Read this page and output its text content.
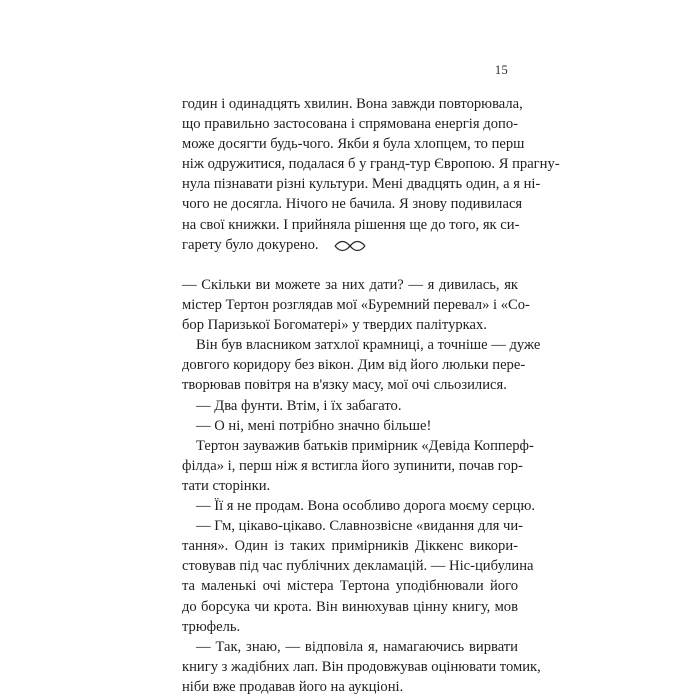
15

годин і одинадцять хвилин. Вона завжди повторювала,

що правильно застосована і спрямована енергія допо-

може досягти будь-чого. Якби я була хлопцем, то перш

ніж одружитися, подалася б у гранд-тур Європою. Я прагну-

нула пізнавати різні культури. Мені двадцять один, а я ні-

чого не досягла. Нічого не бачила. Я знову подивилася

на свої книжки. І прийняла рішення ще до того, як си-

гарету було докурено.

— Скільки ви можете за них дати? — я дивилась, як

містер Тертон розглядав мої «Буремний перевал» і «Со-

бор Паризької Богоматері» у твердих палітурках.

Він був власником затхлої крамниці, а точніше — дуже

довгого коридору без вікон. Дим від його люльки пере-

творював повітря на в'язку масу, мої очі сльозилися.

— Два фунти. Втім, і їх забагато.

— О ні, мені потрібно значно більше!

Тертон зауважив батьків примірник «Девіда Копперф-

філда» і, перш ніж я встигла його зупинити, почав гор-

тати сторінки.

— Її я не продам. Вона особливо дорога моєму серцю.

— Гм, цікаво-цікаво. Славнозвісне «видання для чи-

тання». Один із таких примірників Діккенс викори-

стовував під час публічних декламацій. — Ніс-цибулина

та маленькі очі містера Тертона уподібнювали його

до борсука чи крота. Він винюхував цінну книгу, мов

трюфель.

— Так, знаю, — відповіла я, намагаючись вирвати

книгу з жадібних лап. Він продовжував оцінювати томик,

ніби вже продавав його на аукціоні.
